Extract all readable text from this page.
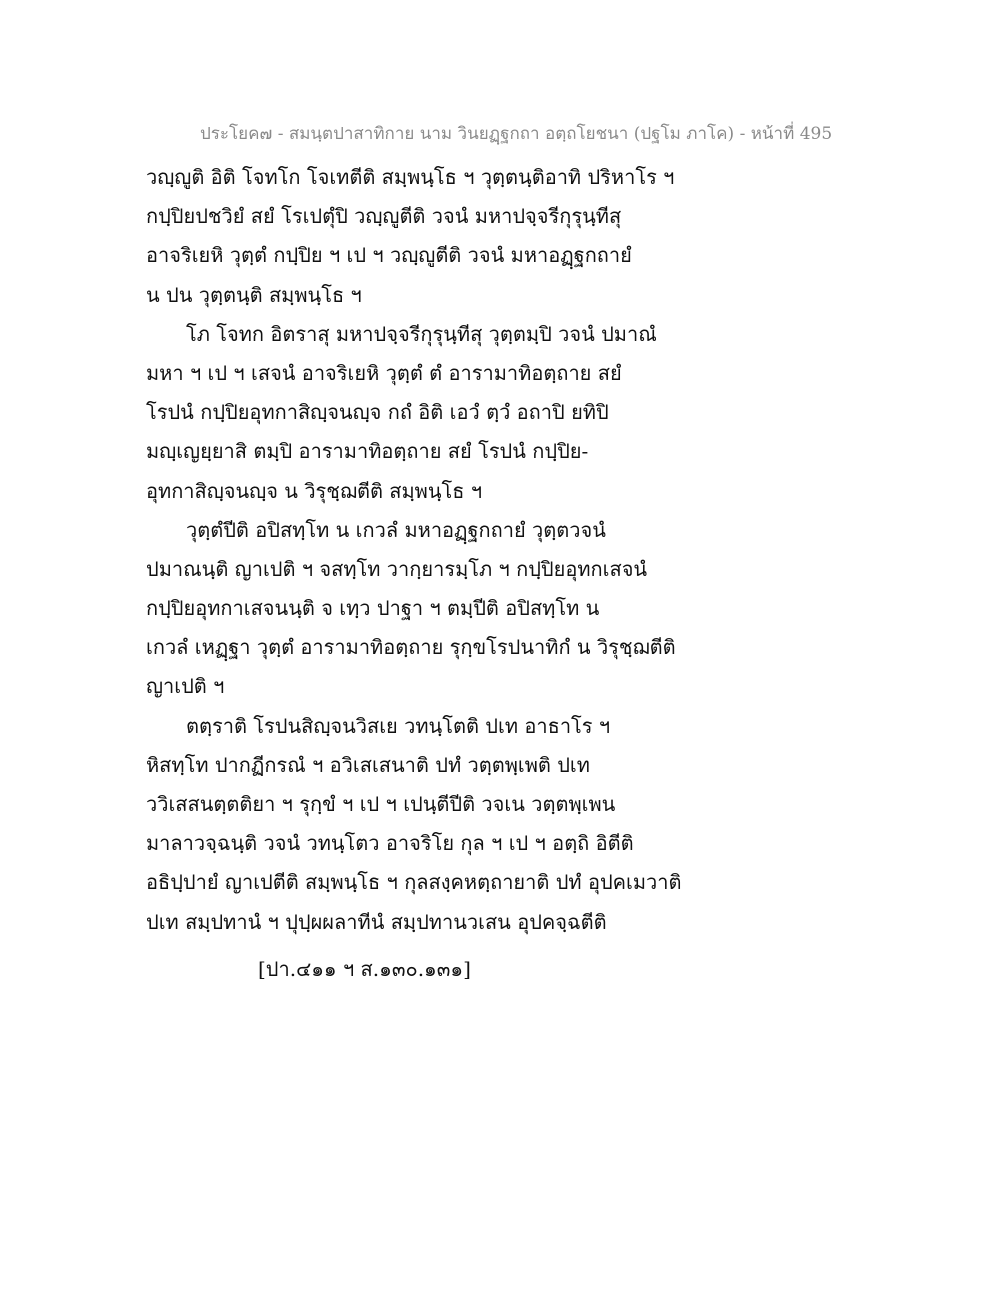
ประโยค๗ - สมนฺตปาสาทิกาย นาม วินยฏฺฐกถา อตฺถโยชนา (ปฐโม ภาโค) - หน้าที่ 495
วญฺญูติ อิติ โจทโก โจเทตีติ สมฺพนฺโธ ฯ วุตฺตนฺติอาทิ ปริหาโร ฯ
กปฺปิยปชวิยํ สยํ โรเปตุํปิ วญฺญูตีติ วจนํ มหาปจฺจรีกุรุนฺทีสุ
อาจริเยหิ วุตฺตํ กปฺปิย ฯ เป ฯ วญฺญูตีติ วจนํ มหาอฏฺฐกถายํ
น ปน วุตฺตนฺติ สมฺพนฺโธ ฯ
โภ โจทก อิตราสุ มหาปจฺจรีกุรุนฺทีสุ วุตฺตมฺปิ วจนํ ปมาณํ
มหา ฯ เป ฯ เสจนํ อาจริเยหิ วุตฺตํ ตํ อารามาทิอตฺถาย สยํ
โรปนํ กปฺปิยอุทกาสิญฺจนญฺจ กถํ อิติ เอวํ ตฺวํ อถาปิ ยทิปิ
มญฺเญยฺยาสิ ตมฺปิ อารามาทิอตฺถาย สยํ โรปนํ กปฺปิย-
อุทกาสิญฺจนญฺจ น วิรุชฺฌตีติ สมฺพนฺโธ ฯ
วุตฺตํปีติ อปิสทฺโท น เกวลํ มหาอฏฺฐกถายํ วุตฺตวจนํ
ปมาณนฺติ ญาเปติ ฯ จสทฺโท วากฺยารมฺโภ ฯ กปฺปิยอุทกเสจนํ
กปฺปิยอุทกาเสจนนฺติ จ เทฺว ปาฐา ฯ ตมฺปีติ อปิสทฺโท น
เกวลํ เหฏฺฐา วุตฺตํ อารามาทิอตฺถาย รุกฺขโรปนาทิกํ น วิรุชฺฌตีติ
ญาเปติ ฯ
ตตฺราติ โรปนสิญฺจนวิสเย วทนฺโตติ ปเท อาธาโร ฯ
หิสทฺโท ปากฏีกรณํ ฯ อวิเสเสนาติ ปทํ วตฺตพฺเพติ ปเท
ววิเสสนตฺตติยา ฯ รุกฺขํ ฯ เป ฯ เปนฺตีปีติ วจเน วตฺตพฺเพน
มาลาวจฺฉนฺติ วจนํ วทนฺโตว อาจริโย กุล ฯ เป ฯ อตฺถิ อิตีติ
อธิปฺปายํ ญาเปตีติ สมฺพนฺโธ ฯ กุลสงฺคหตฺถายาติ ปทํ อุปคเมวาติ
ปเท สมฺปทานํ ฯ ปุปฺผผลาทีนํ สมฺปทานวเสน อุปคจฺฉตีติ
[ปา.๔๑๑ ฯ ส.๑๓๐.๑๓๑]
